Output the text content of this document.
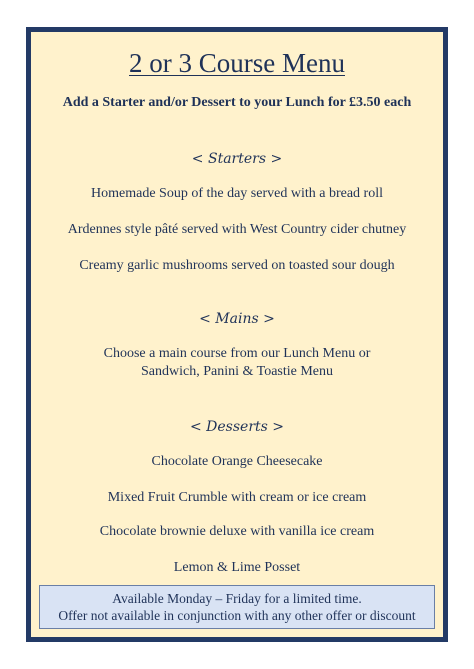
2 or 3 Course Menu
Add a Starter and/or Dessert to your Lunch for £3.50 each
< Starters >
Homemade Soup of the day served with a bread roll
Ardennes style pâté served with West Country cider chutney
Creamy garlic mushrooms served on toasted sour dough
< Mains >
Choose a main course from our Lunch Menu or
Sandwich, Panini & Toastie Menu
< Desserts >
Chocolate Orange Cheesecake
Mixed Fruit Crumble with cream or ice cream
Chocolate brownie deluxe with vanilla ice cream
Lemon & Lime Posset
Available Monday – Friday for a limited time.
Offer not available in conjunction with any other offer or discount
